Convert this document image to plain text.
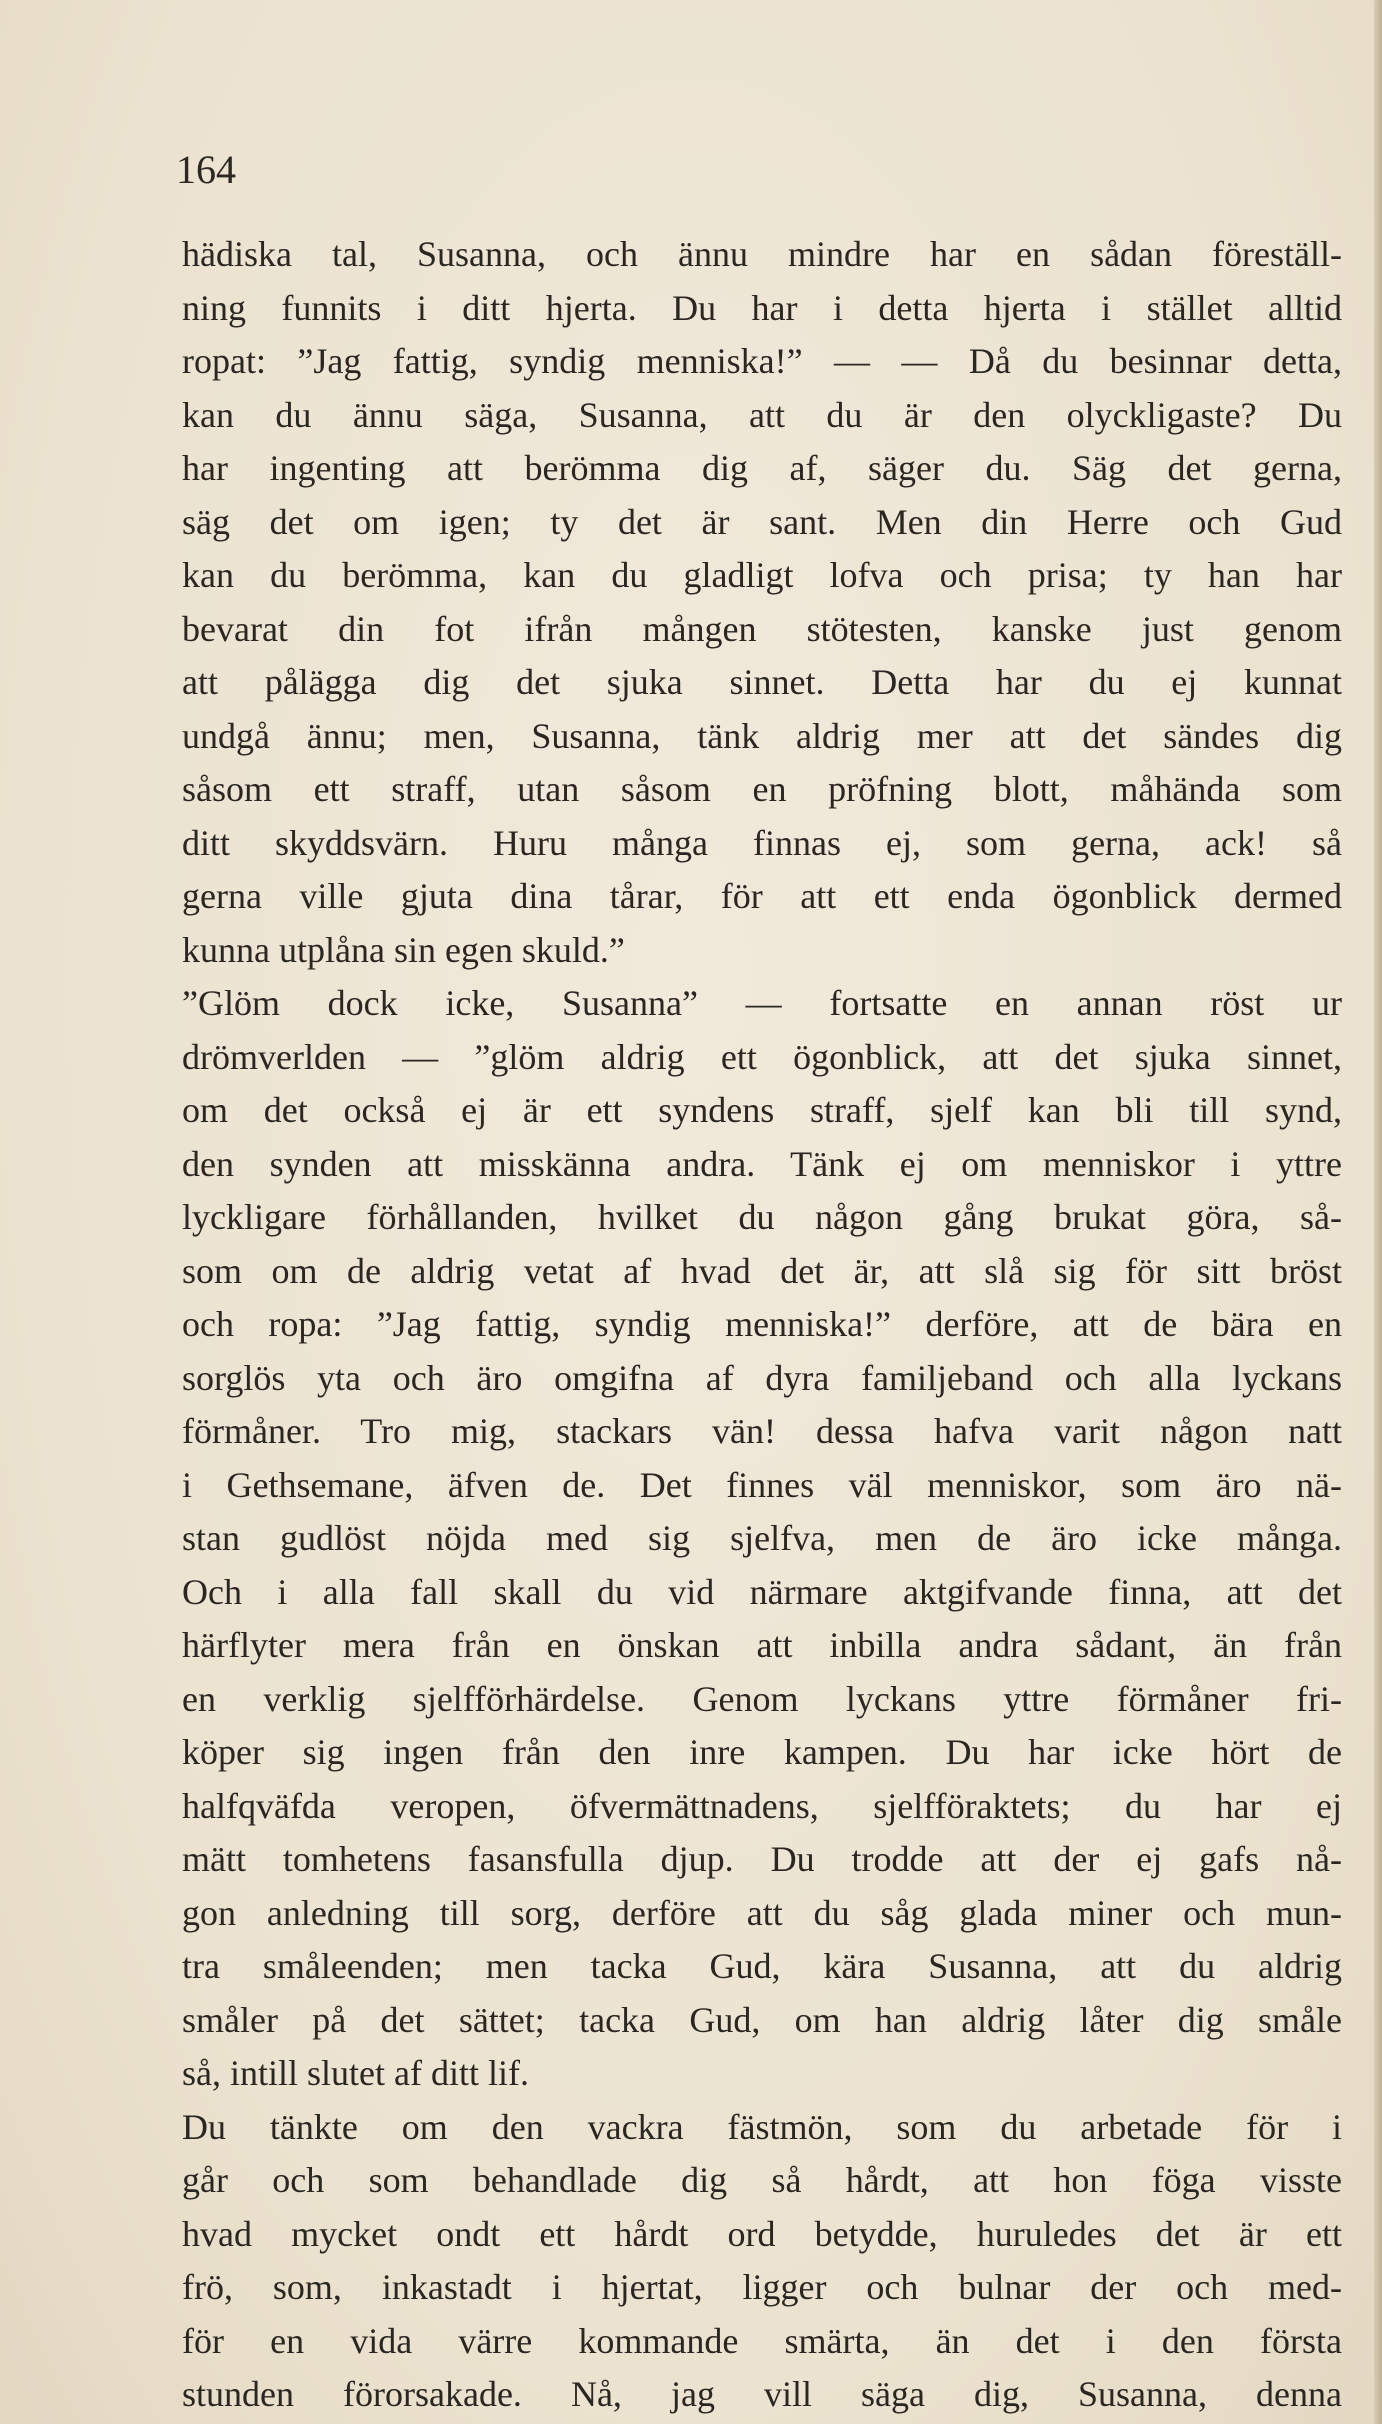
164
hädiska tal, Susanna, och ännu mindre har en sådan föreställ-
ning funnits i ditt hjerta. Du har i detta hjerta i stället alltid
ropat: ”Jag fattig, syndig menniska!” — — Då du besinnar detta,
kan du ännu säga, Susanna, att du är den olyckligaste? Du
har ingenting att berömma dig af, säger du. Säg det gerna,
säg det om igen; ty det är sant. Men din Herre och Gud
kan du berömma, kan du gladligt lofva och prisa; ty han har
bevarat din fot ifrån mången stötesten, kanske just genom
att pålägga dig det sjuka sinnet. Detta har du ej kunnat
undgå ännu; men, Susanna, tänk aldrig mer att det sändes dig
såsom ett straff, utan såsom en pröfning blott, måhända som
ditt skyddsvärn. Huru många finnas ej, som gerna, ack! så
gerna ville gjuta dina tårar, för att ett enda ögonblick dermed
kunna utplåna sin egen skuld.”
”Glöm dock icke, Susanna” — fortsatte en annan röst ur
drömverlden — ”glöm aldrig ett ögonblick, att det sjuka sinnet,
om det också ej är ett syndens straff, sjelf kan bli till synd,
den synden att misskänna andra. Tänk ej om menniskor i yttre
lyckligare förhållanden, hvilket du någon gång brukat göra, så-
som om de aldrig vetat af hvad det är, att slå sig för sitt bröst
och ropa: ”Jag fattig, syndig menniska!” derföre, att de bära en
sorglös yta och äro omgifna af dyra familjeband och alla lyckans
förmåner. Tro mig, stackars vän! dessa hafva varit någon natt
i Gethsemane, äfven de. Det finnes väl menniskor, som äro nä-
stan gudlöst nöjda med sig sjelfva, men de äro icke många.
Och i alla fall skall du vid närmare aktgifvande finna, att det
härflyter mera från en önskan att inbilla andra sådant, än från
en verklig sjelfförhärdelse. Genom lyckans yttre förmåner fri-
köper sig ingen från den inre kampen. Du har icke hört de
halfqväfda veropen, öfvermättnadens, sjelfföraktets; du har ej
mätt tomhetens fasansfulla djup. Du trodde att der ej gafs nå-
gon anledning till sorg, derföre att du såg glada miner och mun-
tra småleenden; men tacka Gud, kära Susanna, att du aldrig
småler på det sättet; tacka Gud, om han aldrig låter dig småle
så, intill slutet af ditt lif.
Du tänkte om den vackra fästmön, som du arbetade för i
går och som behandlade dig så hårdt, att hon föga visste
hvad mycket ondt ett hårdt ord betydde, huruledes det är ett
frö, som, inkastadt i hjertat, ligger och bulnar der och med-
för en vida värre kommande smärta, än det i den första
stunden förorsakade. Nå, jag vill säga dig, Susanna, denna
